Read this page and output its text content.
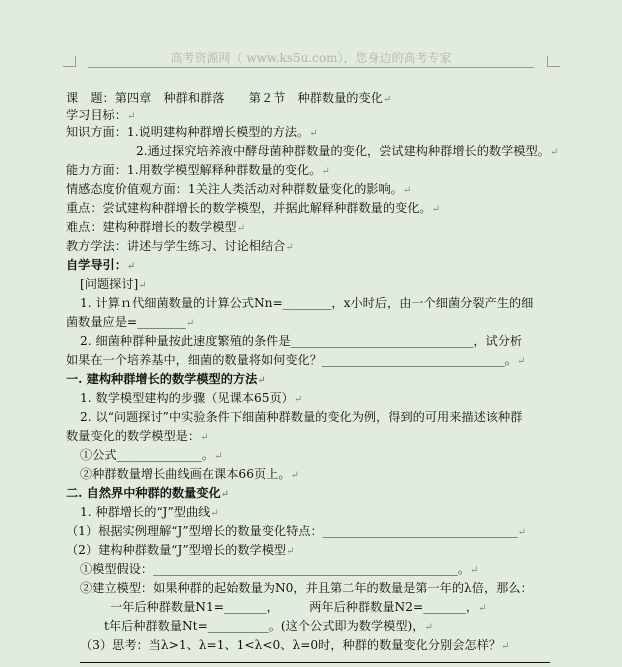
高考资源网（ www.ks5u.com），您身边的高考专家
课　题：第四章　种群和群落　　第２节　种群数量的变化↵
学习目标：↵
知识方面：1.说明建构种群增长模型的方法。↵
2.通过探究培养液中酵母菌种群数量的变化，尝试建构种群增长的数学模型。↵
能力方面：1.用数学模型解释种群数量的变化。↵
情感态度价值观方面：1关注人类活动对种群数量变化的影响。↵
重点：尝试建构种群增长的数学模型，并据此解释种群数量的变化。↵
难点：建构种群增长的数学模型↵
教方学法：讲述与学生练习、讨论相结合↵
自学导引：↵
[问题探讨]↵
1. 计算ｎ代细菌数量的计算公式Nn=________，x小时后，由一个细菌分裂产生的细
菌数量应是=________↵
2. 细菌种群种量按此速度繁殖的条件是______________________________，试分析
如果在一个培养基中，细菌的数量将如何变化？______________________________。↵
一. 建构种群增长的数学模型的方法↵
1. 数学模型建构的步骤（见课本65页）↵
2. 以“问题探讨”中实验条件下细菌种群数量的变化为例，得到的可用来描述该种群
数量变化的数学模型是：↵
①公式______________。↵
②种群数量增长曲线画在课本66页上。↵
二. 自然界中种群的数量变化↵
1. 种群增长的“J”型曲线↵
（1）根据实例理解“J”型增长的数量变化特点：________________________________↵
（2）建构种群数量“J”型增长的数学模型↵
①模型假设：__________________________________________________。↵
②建立模型：如果种群的起始数量为N0，并且第二年的数量是第一年的λ倍，那么：
一年后种群数量N1=_______，　　　两年后种群数量N2=_______，↵
t年后种群数量Nt=__________。(这个公式即为数学模型)，↵
（3）思考：当λ>1、λ=1、1<λ<0、λ=0时，种群的数量变化分别会怎样？↵
